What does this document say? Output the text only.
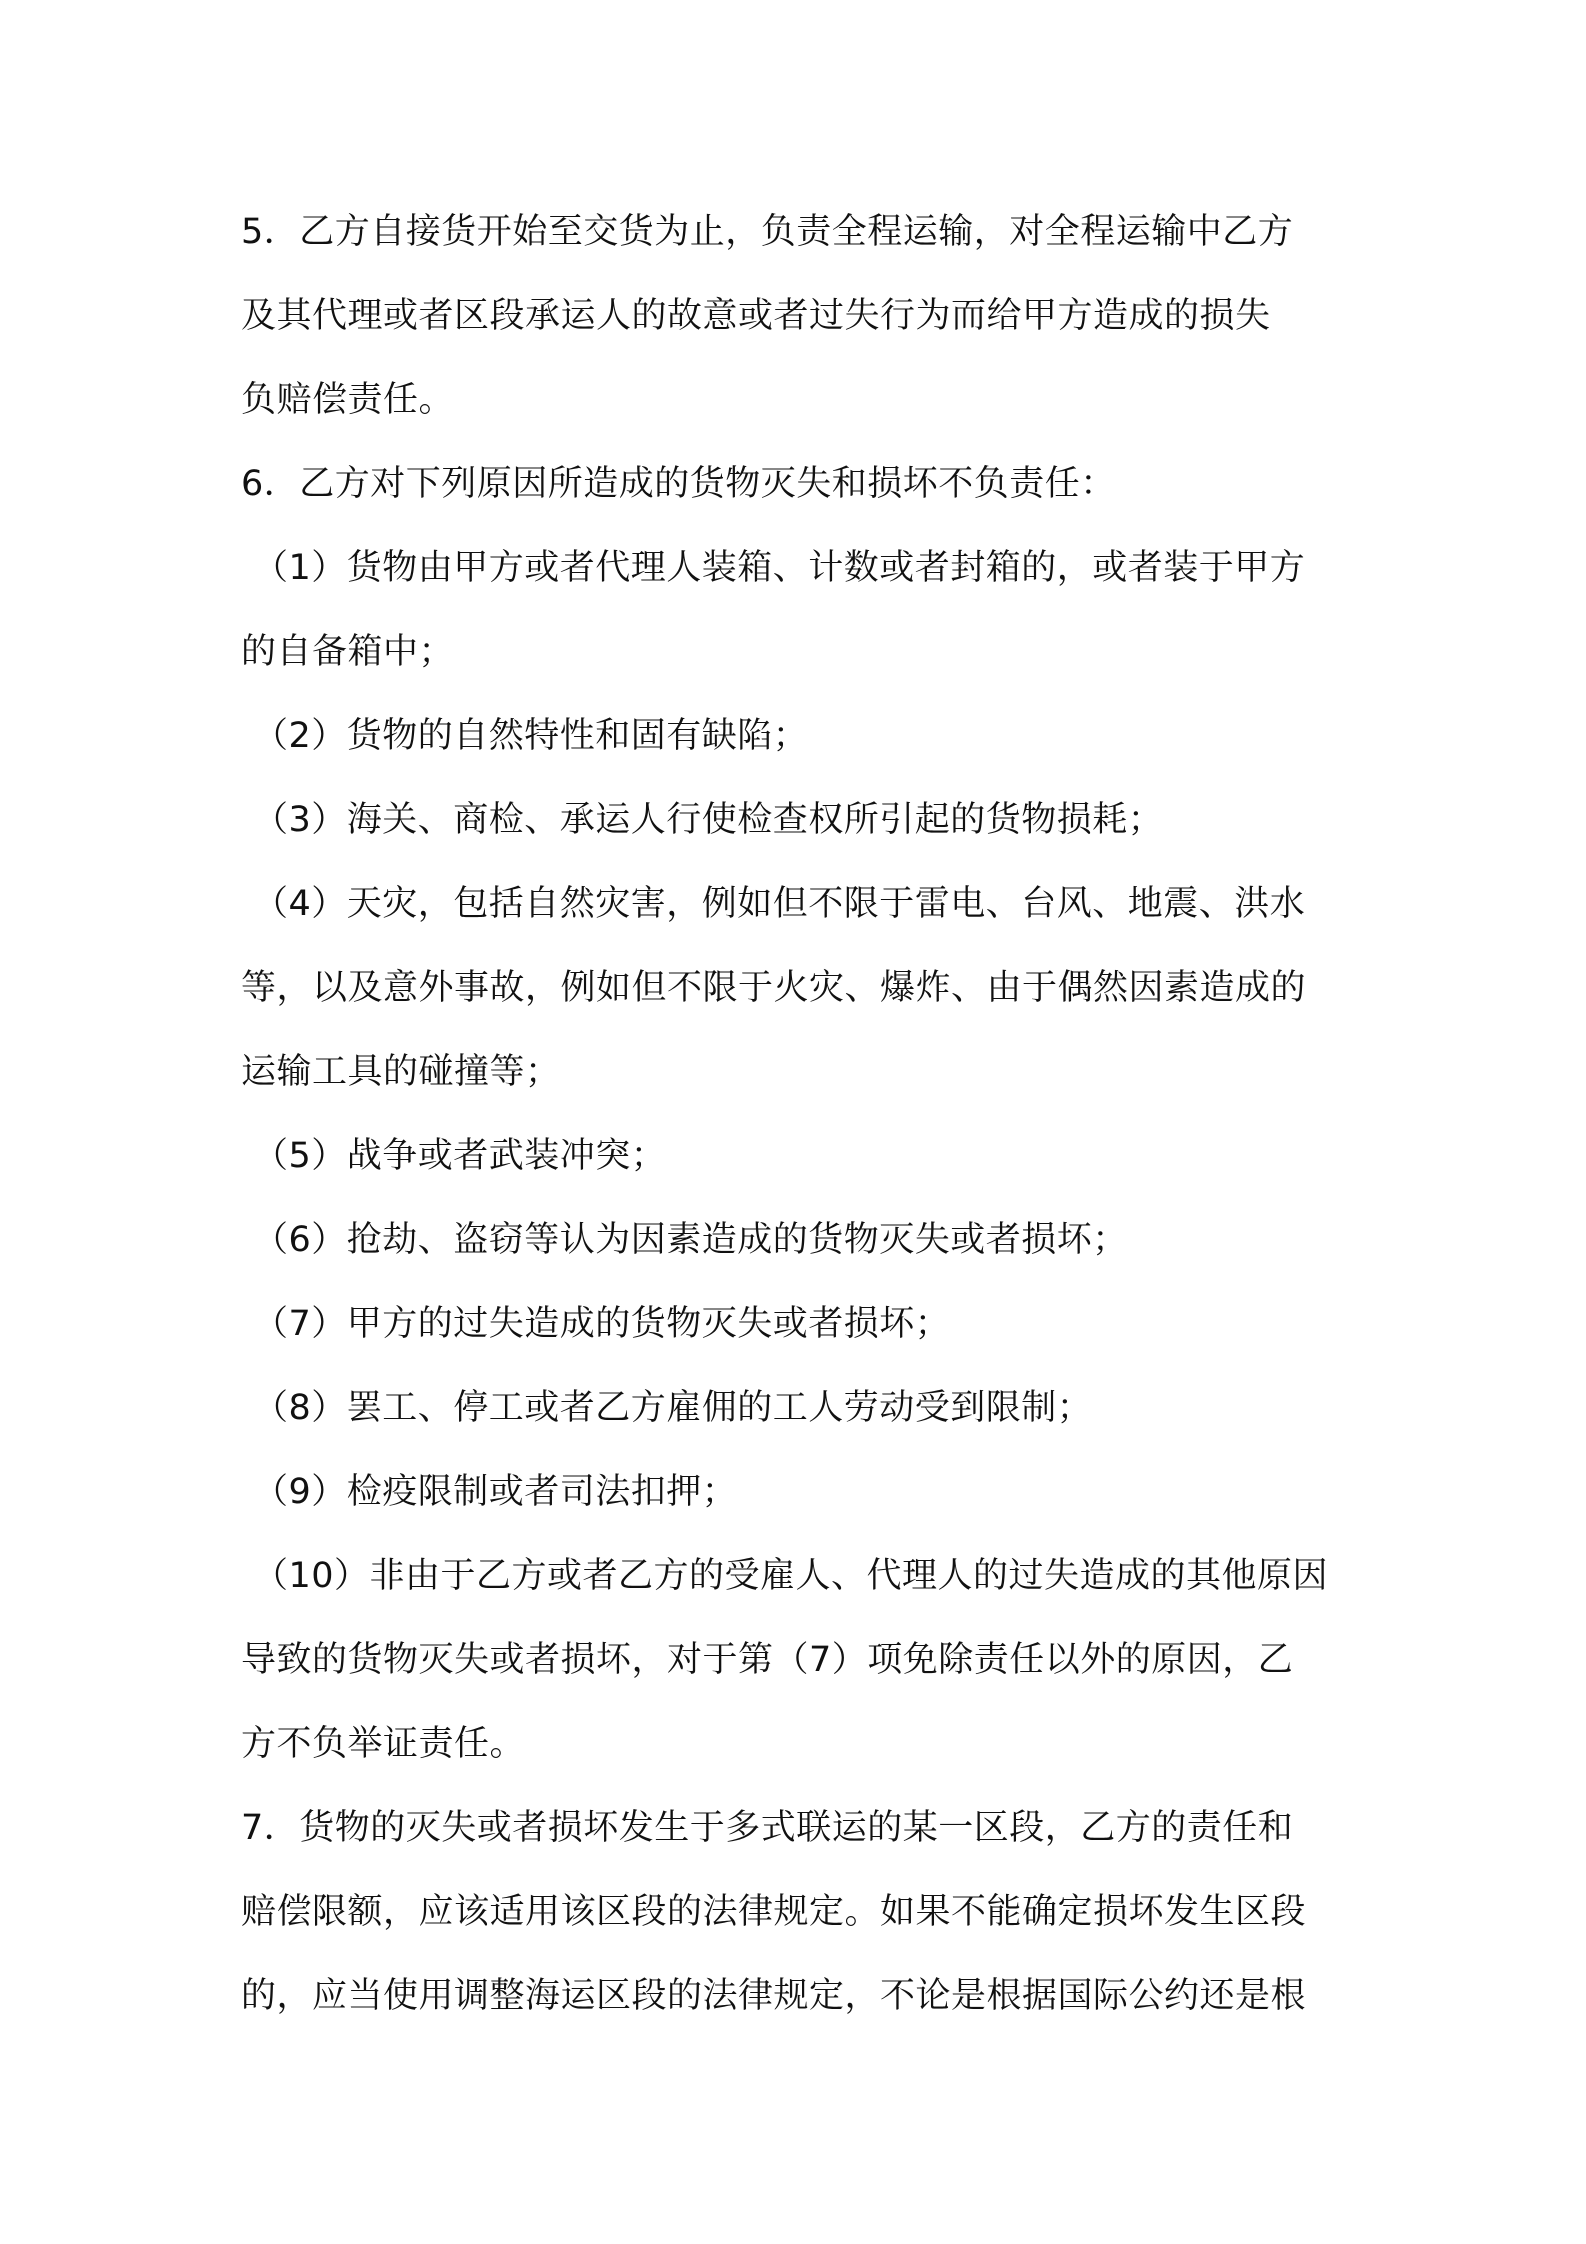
5．乙方自接货开始至交货为止，负责全程运输，对全程运输中乙方
及其代理或者区段承运人的故意或者过失行为而给甲方造成的损失
负赔偿责任。
6．乙方对下列原因所造成的货物灭失和损坏不负责任：
（1）货物由甲方或者代理人装箱、计数或者封箱的，或者装于甲方
的自备箱中；
（2）货物的自然特性和固有缺陷；
（3）海关、商检、承运人行使检查权所引起的货物损耗；
（4）天灾，包括自然灾害，例如但不限于雷电、台风、地震、洪水
等，以及意外事故，例如但不限于火灾、爆炸、由于偶然因素造成的
运输工具的碰撞等；
（5）战争或者武装冲突；
（6）抢劫、盗窃等认为因素造成的货物灭失或者损坏；
（7）甲方的过失造成的货物灭失或者损坏；
（8）罢工、停工或者乙方雇佣的工人劳动受到限制；
（9）检疫限制或者司法扣押；
（10）非由于乙方或者乙方的受雇人、代理人的过失造成的其他原因
导致的货物灭失或者损坏，对于第（7）项免除责任以外的原因，乙
方不负举证责任。
7．货物的灭失或者损坏发生于多式联运的某一区段，乙方的责任和
赔偿限额，应该适用该区段的法律规定。如果不能确定损坏发生区段
的，应当使用调整海运区段的法律规定，不论是根据国际公约还是根
